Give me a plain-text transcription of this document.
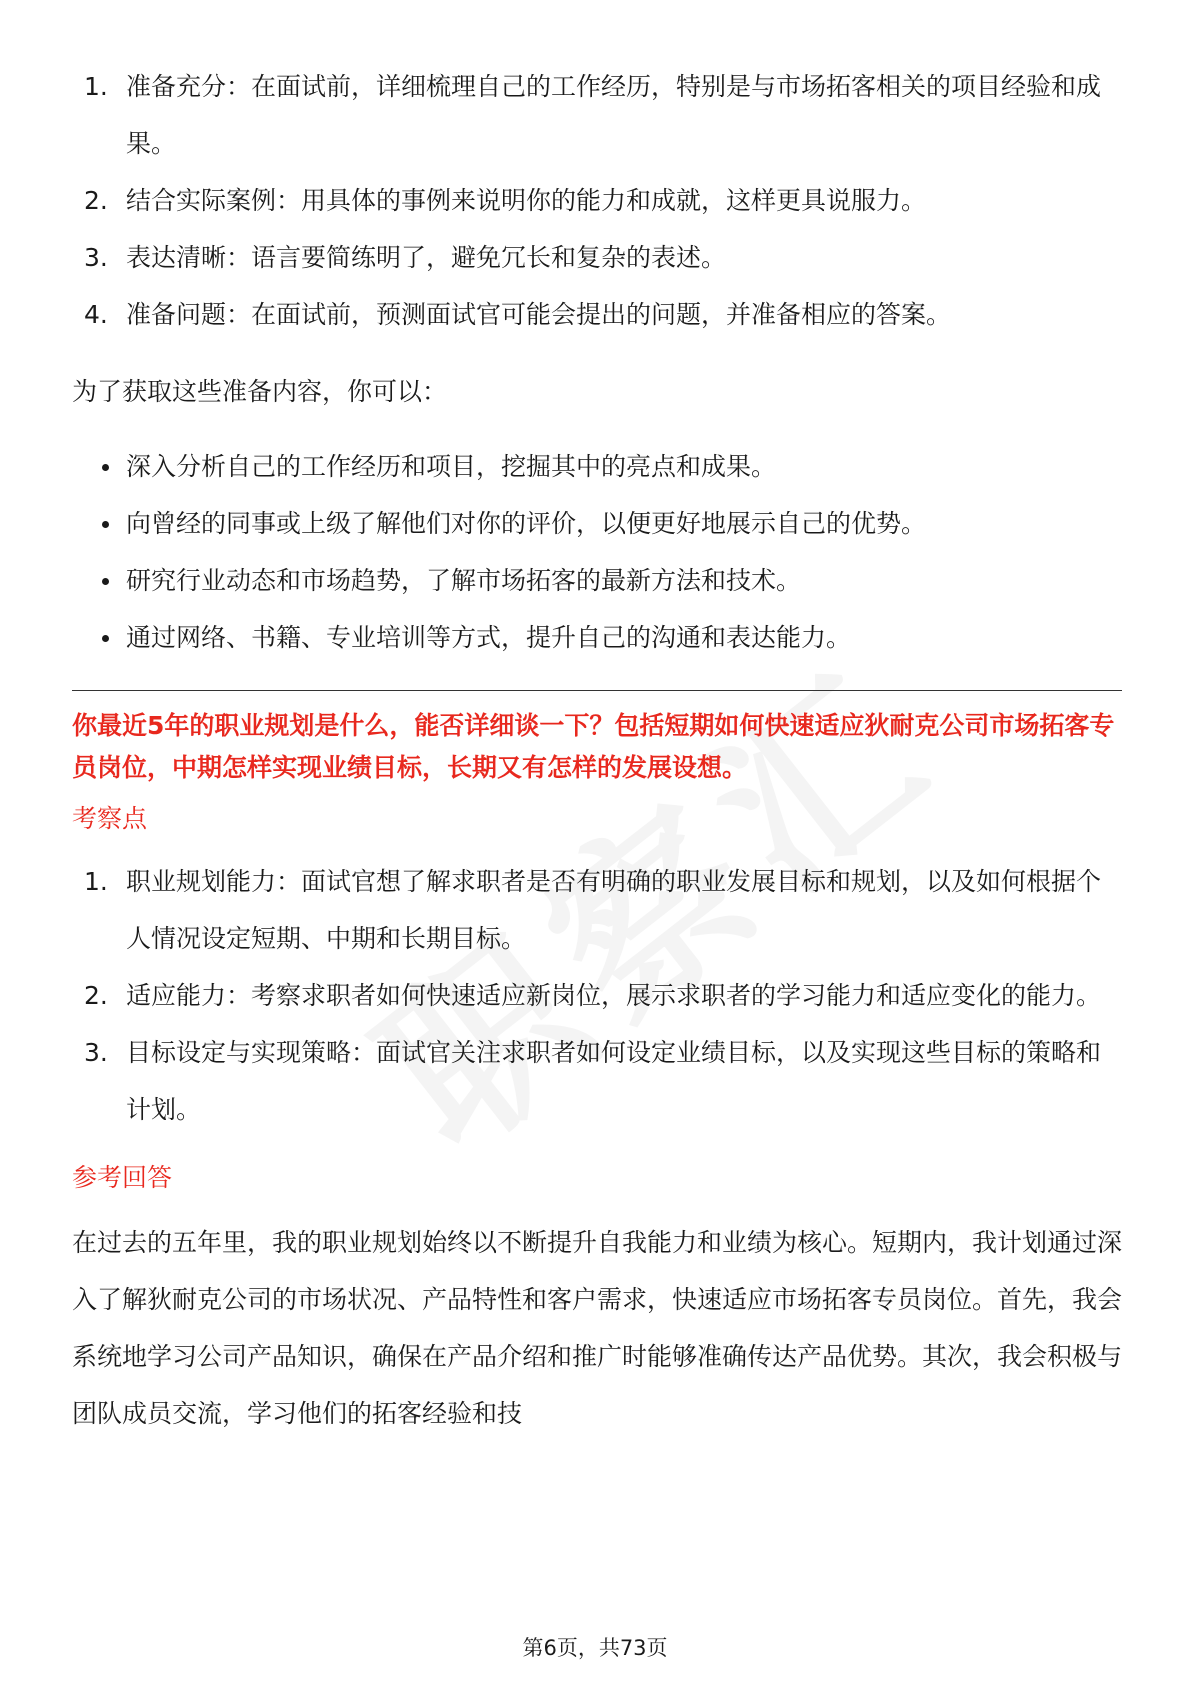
1. 准备充分：在面试前，详细梳理自己的工作经历，特别是与市场拓客相关的项目经验和成果。
2. 结合实际案例：用具体的事例来说明你的能力和成就，这样更具说服力。
3. 表达清晰：语言要简练明了，避免冗长和复杂的表述。
4. 准备问题：在面试前，预测面试官可能会提出的问题，并准备相应的答案。

为了获取这些准备内容，你可以：

深入分析自己的工作经历和项目，挖掘其中的亮点和成果。
向曾经的同事或上级了解他们对你的评价，以便更好地展示自己的优势。
研究行业动态和市场趋势，了解市场拓客的最新方法和技术。
通过网络、书籍、专业培训等方式，提升自己的沟通和表达能力。

你最近5年的职业规划是什么，能否详细谈一下？包括短期如何快速适应狄耐克公司市场拓客专员岗位，中期怎样实现业绩目标，长期又有怎样的发展设想。

考察点

1. 职业规划能力：面试官想了解求职者是否有明确的职业发展目标和规划，以及如何根据个人情况设定短期、中期和长期目标。
2. 适应能力：考察求职者如何快速适应新岗位，展示求职者的学习能力和适应变化的能力。
3. 目标设定与实现策略：面试官关注求职者如何设定业绩目标，以及实现这些目标的策略和计划。

参考回答

在过去的五年里，我的职业规划始终以不断提升自我能力和业绩为核心。短期内，我计划通过深入了解狄耐克公司的市场状况、产品特性和客户需求，快速适应市场拓客专员岗位。首先，我会系统地学习公司产品知识，确保在产品介绍和推广时能够准确传达产品优势。其次，我会积极与团队成员交流，学习他们的拓客经验和技

第6页，共73页
